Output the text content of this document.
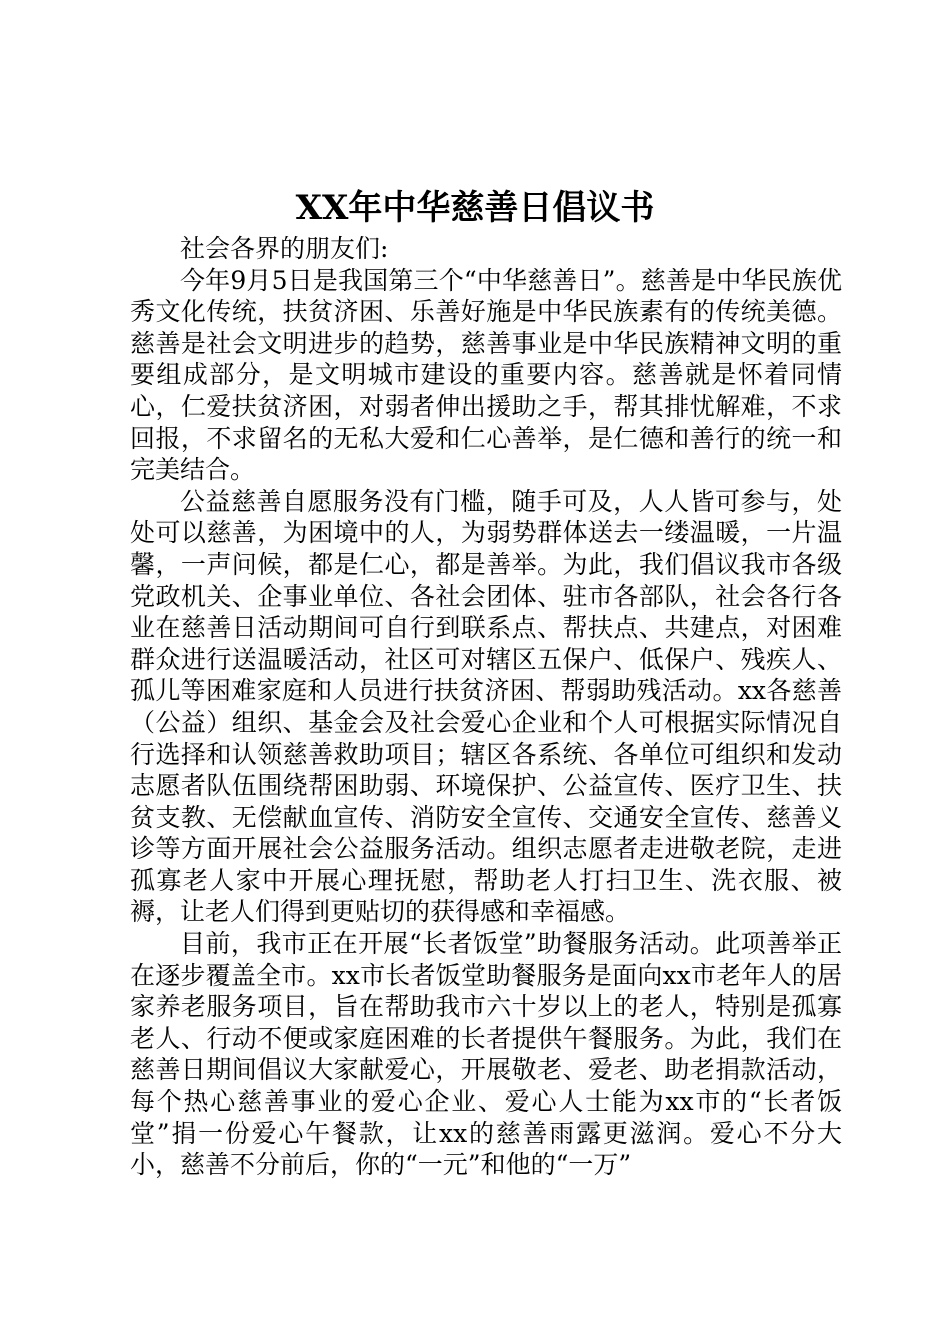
XX年中华慈善日倡议书

社会各界的朋友们:

今年9月5日是我国第三个“中华慈善日”。慈善是中华民族优秀文化传统，扶贫济困、乐善好施是中华民族素有的传统美德。慈善是社会文明进步的趋势，慈善事业是中华民族精神文明的重要组成部分，是文明城市建设的重要内容。慈善就是怀着同情心，仁爱扶贫济困，对弱者伸出援助之手，帮其排忧解难，不求回报，不求留名的无私大爱和仁心善举，是仁德和善行的统一和完美结合。

公益慈善自愿服务没有门槛，随手可及，人人皆可参与，处处可以慈善，为困境中的人，为弱势群体送去一缕温暖，一片温馨，一声问候，都是仁心，都是善举。为此，我们倡议我市各级党政机关、企事业单位、各社会团体、驻市各部队，社会各行各业在慈善日活动期间可自行到联系点、帮扶点、共建点，对困难群众进行送温暖活动，社区可对辖区五保户、低保户、残疾人、孤儿等困难家庭和人员进行扶贫济困、帮弱助残活动。xx各慈善（公益）组织、基金会及社会爱心企业和个人可根据实际情况自行选择和认领慈善救助项目；辖区各系统、各单位可组织和发动志愿者队伍围绕帮困助弱、环境保护、公益宣传、医疗卫生、扶贫支教、无偿献血宣传、消防安全宣传、交通安全宣传、慈善义诊等方面开展社会公益服务活动。组织志愿者走进敬老院，走进孤寡老人家中开展心理抚慰，帮助老人打扫卫生、洗衣服、被褥，让老人们得到更贴切的获得感和幸福感。

目前，我市正在开展“长者饭堂”助餐服务活动。此项善举正在逐步覆盖全市。xx市长者饭堂助餐服务是面向xx市老年人的居家养老服务项目，旨在帮助我市六十岁以上的老人，特别是孤寡老人、行动不便或家庭困难的长者提供午餐服务。为此，我们在慈善日期间倡议大家献爱心，开展敬老、爱老、助老捐款活动，每个热心慈善事业的爱心企业、爱心人士能为xx市的“长者饭堂”捐一份爱心午餐款，让xx的慈善雨露更滋润。爱心不分大小，慈善不分前后，你的“一元”和他的“一万”
